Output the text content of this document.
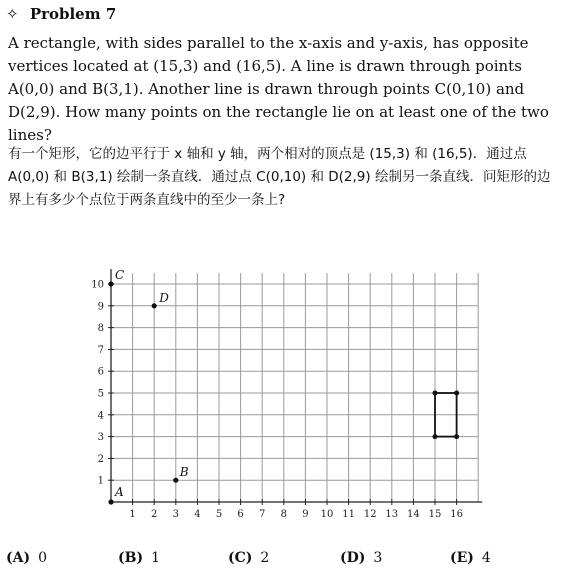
✧ Problem 7
A rectangle, with sides parallel to the x-axis and y-axis, has opposite vertices located at (15,3) and (16,5). A line is drawn through points A(0,0) and B(3,1). Another line is drawn through points C(0,10) and D(2,9). How many points on the rectangle lie on at least one of the two lines?
有一个矩形，它的边平行于 x 轴和 y 轴，两个相对的顶点是 (15,3) 和 (16,5)．通过点 A(0,0) 和 B(3,1) 绘制一条直线．通过点 C(0,10) 和 D(2,9) 绘制另一条直线．问矩形的边界上有多少个点位于两条直线中的至少一条上?
1 2 3 4 5 6 7 8 9 10 11 12 13 14 15 16
1
2
3
4
5
6
7
8
9
10
A
B
C
D
(A) 0	(B) 1	(C) 2	(D) 3	(E) 4
